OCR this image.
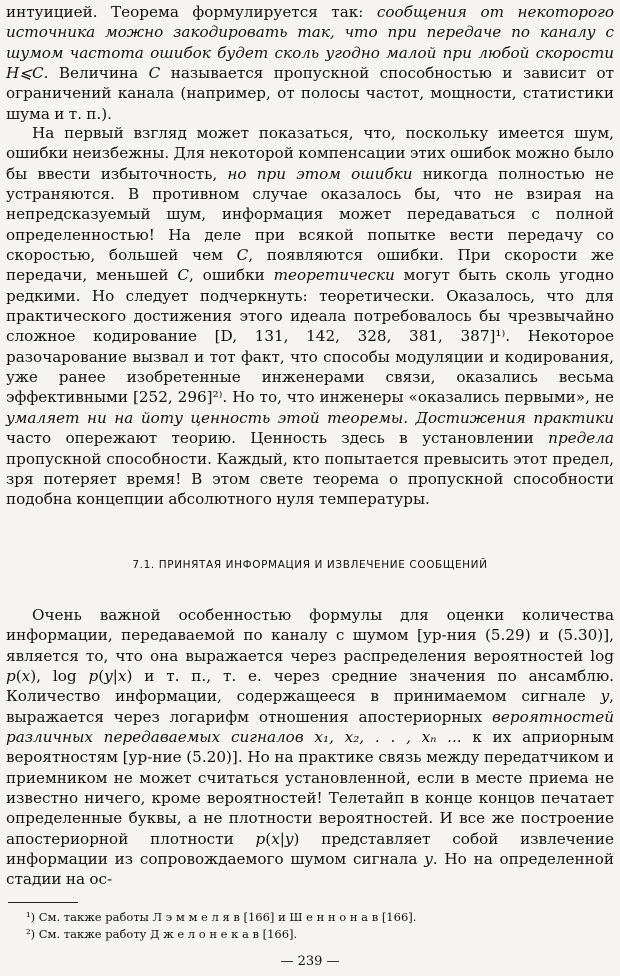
интуицией. Теорема формулируется так: сообщения от некоторого источника можно закодировать так, что при передаче по каналу с шумом частота ошибок будет сколь угодно малой при любой скорости H⩽C. Величина C называется пропускной способностью и зависит от ограничений канала (например, от полосы частот, мощности, статистики шума и т. п.).

На первый взгляд может показаться, что, поскольку имеется шум, ошибки неизбежны. Для некоторой компенсации этих ошибок можно было бы ввести избыточность, но при этом ошибки никогда полностью не устраняются. В противном случае оказалось бы, что не взирая на непредсказуемый шум, информация может передаваться с полной определенностью! На деле при всякой попытке вести передачу со скоростью, большей чем C, появляются ошибки. При скорости же передачи, меньшей C, ошибки теоретически могут быть сколь угодно редкими. Но следует подчеркнуть: теоретически. Оказалось, что для практического достижения этого идеала потребовалось бы чрезвычайно сложное кодирование [D, 131, 142, 328, 381, 387]¹⁾. Некоторое разочарование вызвал и тот факт, что способы модуляции и кодирования, уже ранее изобретенные инженерами связи, оказались весьма эффективными [252, 296]²⁾. Но то, что инженеры «оказались первыми», не умаляет ни на йоту ценность этой теоремы. Достижения практики часто опережают теорию. Ценность здесь в установлении предела пропускной способности. Каждый, кто попытается превысить этот предел, зря потеряет время! В этом свете теорема о пропускной способности подобна концепции абсолютного нуля температуры.

7.1. ПРИНЯТАЯ ИНФОРМАЦИЯ И ИЗВЛЕЧЕНИЕ СООБЩЕНИЙ

Очень важной особенностью формулы для оценки количества информации, передаваемой по каналу с шумом [ур-ния (5.29) и (5.30)], является то, что она выражается через распределения вероятностей log p(x), log p(y|x) и т. п., т. е. через средние значения по ансамблю. Количество информации, содержащееся в принимаемом сигнале y, выражается через логарифм отношения апостериорных вероятностей различных передаваемых сигналов x₁, x₂, . . , xₙ ... к их априорным вероятностям [ур-ние (5.20)]. Но на практике связь между передатчиком и приемником не может считаться установленной, если в месте приема не известно ничего, кроме вероятностей! Телетайп в конце концов печатает определенные буквы, а не плотности вероятностей. И все же построение апостериорной плотности p(x|y) представляет собой извлечение информации из сопровождаемого шумом сигнала y. Но на определенной стадии на ос-

¹) См. также работы Л э м м е л я в [166] и Ш е н н о н а в [166].

²) См. также работу Д ж е л о н е к а в [166].

— 239 —
